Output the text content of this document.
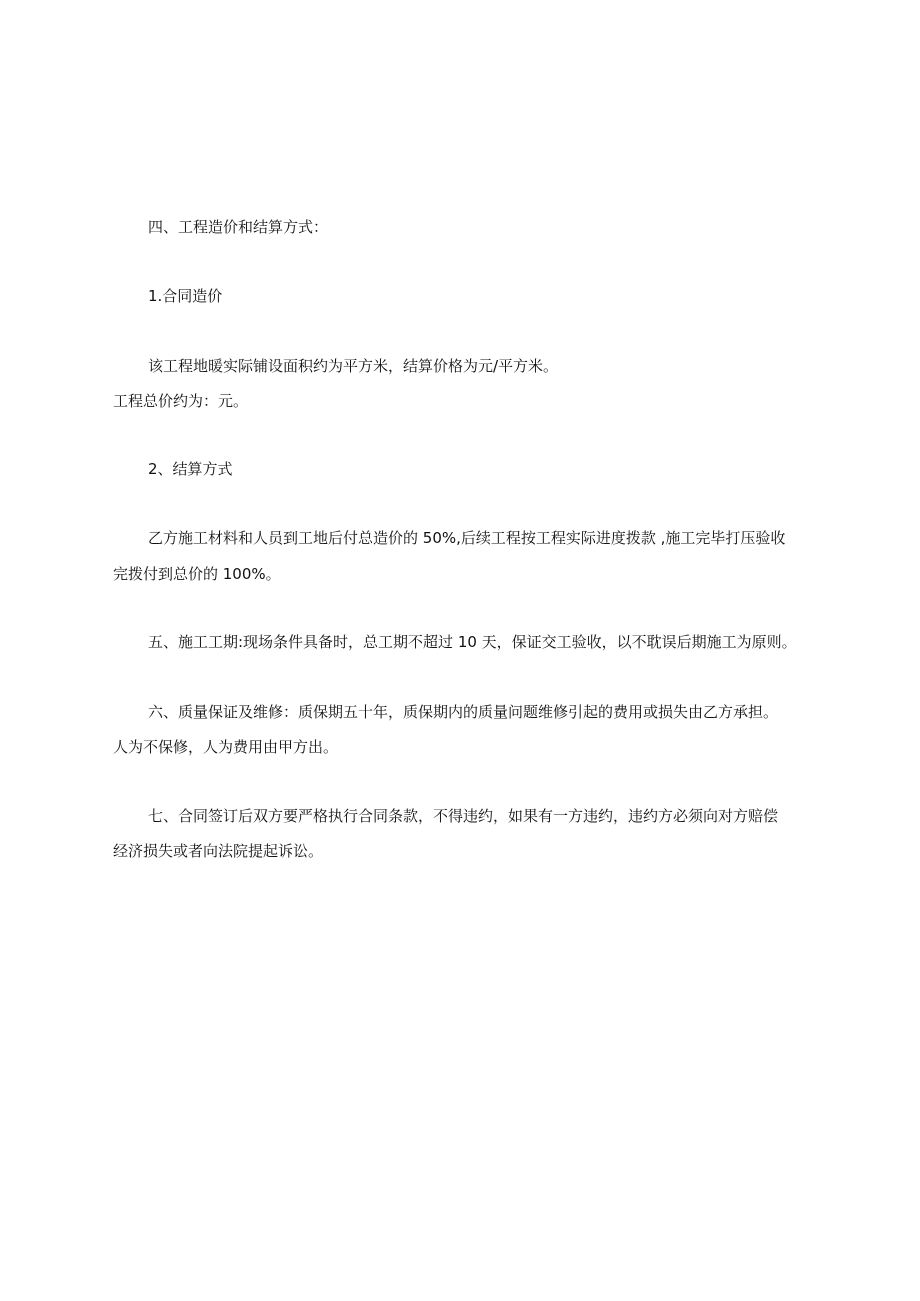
四、工程造价和结算方式：
1.合同造价
该工程地暖实际铺设面积约为平方米，结算价格为元/平方米。
工程总价约为：元。
2、结算方式
乙方施工材料和人员到工地后付总造价的 50%,后续工程按工程实际进度拨款 ,施工完毕打压验收
完拨付到总价的 100%。
五、施工工期:现场条件具备时，总工期不超过 10 天，保证交工验收，以不耽误后期施工为原则。
六、质量保证及维修：质保期五十年，质保期内的质量问题维修引起的费用或损失由乙方承担。
人为不保修，人为费用由甲方出。
七、合同签订后双方要严格执行合同条款，不得违约，如果有一方违约，违约方必须向对方赔偿
经济损失或者向法院提起诉讼。
